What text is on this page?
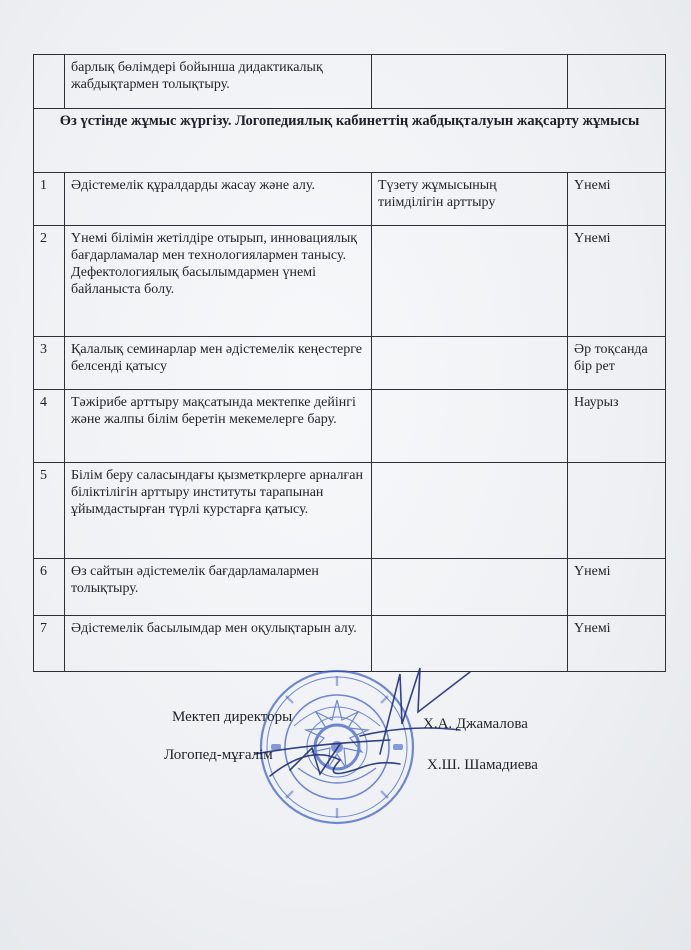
	барлық бөлімдері бойынша дидактикалық жабдықтармен толықтыру.		
Өз үстінде жұмыс жүргізу. Логопедиялық кабинеттің жабдықталуын жақсарту жұмысы			
1	Әдістемелік құралдарды жасау және алу.	Түзету жұмысының тиімділігін арттыру	Үнемі
2	Үнемі білімін жетілдіре отырып, инновациялық бағдарламалар мен технологиялармен танысу. Дефектологиялық басылымдармен үнемі байланыста болу.		Үнемі
3	Қалалық семинарлар мен әдістемелік кеңестерге белсенді қатысу		Әр тоқсанда бір рет
4	Тәжірибе арттыру мақсатында мектепке дейінгі және жалпы білім беретін мекемелерге бару.		Наурыз
5	Білім беру саласындағы қызметкрлерге арналған біліктілігін арттыру институты тарапынан ұйымдастырған түрлі курстарға қатысу.		
6	Өз сайтын әдістемелік бағдарламалармен толықтыру.		Үнемі
7	Әдістемелік басылымдар мен оқулықтарын алу.		Үнемі
Мектеп директоры	Х.А. Джамалова
Логопед-мұғалім
Х.Ш. Шамадиева
